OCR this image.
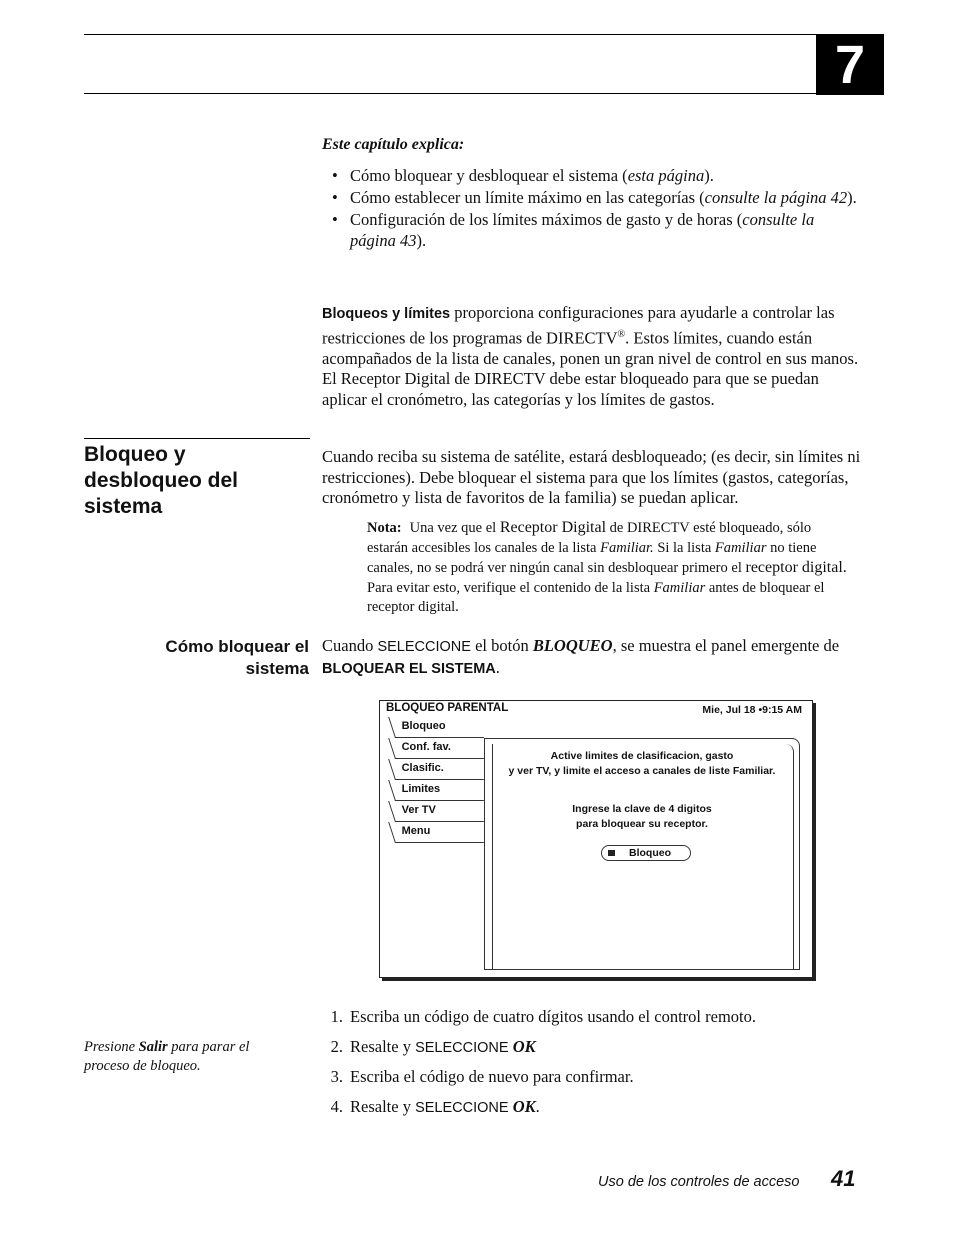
7
Este capítulo explica:
• Cómo bloquear y desbloquear el sistema (esta página).
• Cómo establecer un límite máximo en las categorías (consulte la página 42).
• Configuración de los límites máximos de gasto y de horas (consulte la página 43).
Bloqueos y límites proporciona configuraciones para ayudarle a controlar las restricciones de los programas de DIRECTV®. Estos límites, cuando están acompañados de la lista de canales, ponen un gran nivel de control en sus manos. El Receptor Digital de DIRECTV debe estar bloqueado para que se puedan aplicar el cronómetro, las categorías y los límites de gastos.
Bloqueo y
desbloqueo del
sistema
Cuando reciba su sistema de satélite, estará desbloqueado; (es decir, sin límites ni restricciones). Debe bloquear el sistema para que los límites (gastos, categorías, cronómetro y lista de favoritos de la familia) se puedan aplicar.
Nota: Una vez que el Receptor Digital de DIRECTV esté bloqueado, sólo estarán accesibles los canales de la lista Familiar. Si la lista Familiar no tiene canales, no se podrá ver ningún canal sin desbloquear primero el receptor digital. Para evitar esto, verifique el contenido de la lista Familiar antes de bloquear el receptor digital.
Cómo bloquear el
sistema
Cuando SELECCIONE el botón BLOQUEO, se muestra el panel emergente de BLOQUEAR EL SISTEMA.
BLOQUEO PARENTAL	Mie, Jul 18 •9:15 AM
Bloqueo
Conf. fav.
Clasific.
Limites
Ver TV
Menu
Active limites de clasificacion, gasto
y ver TV, y limite el acceso a canales de liste Familiar.
Ingrese la clave de 4 digitos
para bloquear su receptor.
Bloqueo
1. Escriba un código de cuatro dígitos usando el control remoto.
2. Resalte y SELECCIONE OK
3. Escriba el código de nuevo para confirmar.
4. Resalte y SELECCIONE OK.
Presione Salir para parar el proceso de bloqueo.
Uso de los controles de acceso 41
